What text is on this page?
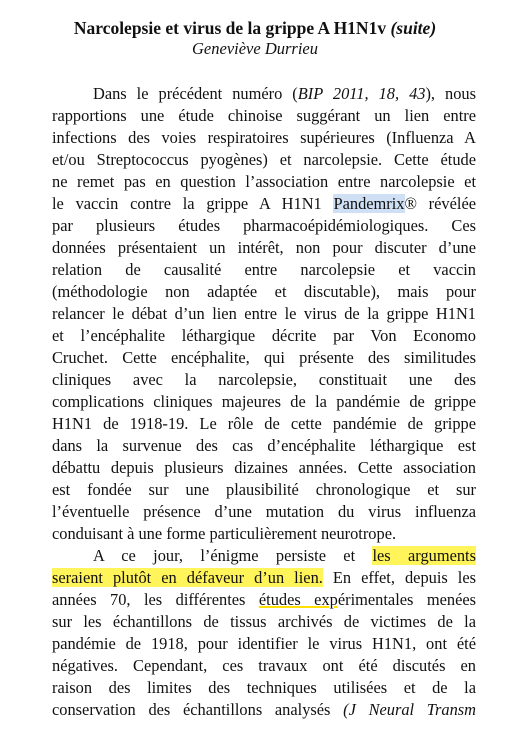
Narcolepsie et virus de la grippe A H1N1v (suite)
Geneviève Durrieu
Dans le précédent numéro (BIP 2011, 18, 43), nous
rapportions une étude chinoise suggérant un lien entre
infections des voies respiratoires supérieures (Influenza A
et/ou Streptococcus pyogènes) et narcolepsie. Cette étude
ne remet pas en question l’association entre narcolepsie et
le vaccin contre la grippe A H1N1 Pandemrix® révélée
par plusieurs études pharmacoépidémiologiques. Ces
données présentaient un intérêt, non pour discuter d’une
relation de causalité entre narcolepsie et vaccin
(méthodologie non adaptée et discutable), mais pour
relancer le débat d’un lien entre le virus de la grippe H1N1
et l’encéphalite léthargique décrite par Von Economo
Cruchet. Cette encéphalite, qui présente des similitudes
cliniques avec la narcolepsie, constituait une des
complications cliniques majeures de la pandémie de grippe
H1N1 de 1918-19. Le rôle de cette pandémie de grippe
dans la survenue des cas d’encéphalite léthargique est
débattu depuis plusieurs dizaines années. Cette association
est fondée sur une plausibilité chronologique et sur
l’éventuelle présence d’une mutation du virus influenza
conduisant à une forme particulièrement neurotrope.
A ce jour, l’énigme persiste et les arguments
seraient plutôt en défaveur d’un lien. En effet, depuis les
années 70, les différentes études expérimentales menées
sur les échantillons de tissus archivés de victimes de la
pandémie de 1918, pour identifier le virus H1N1, ont été
négatives. Cependant, ces travaux ont été discutés en
raison des limites des techniques utilisées et de la
conservation des échantillons analysés (J Neural Transm
